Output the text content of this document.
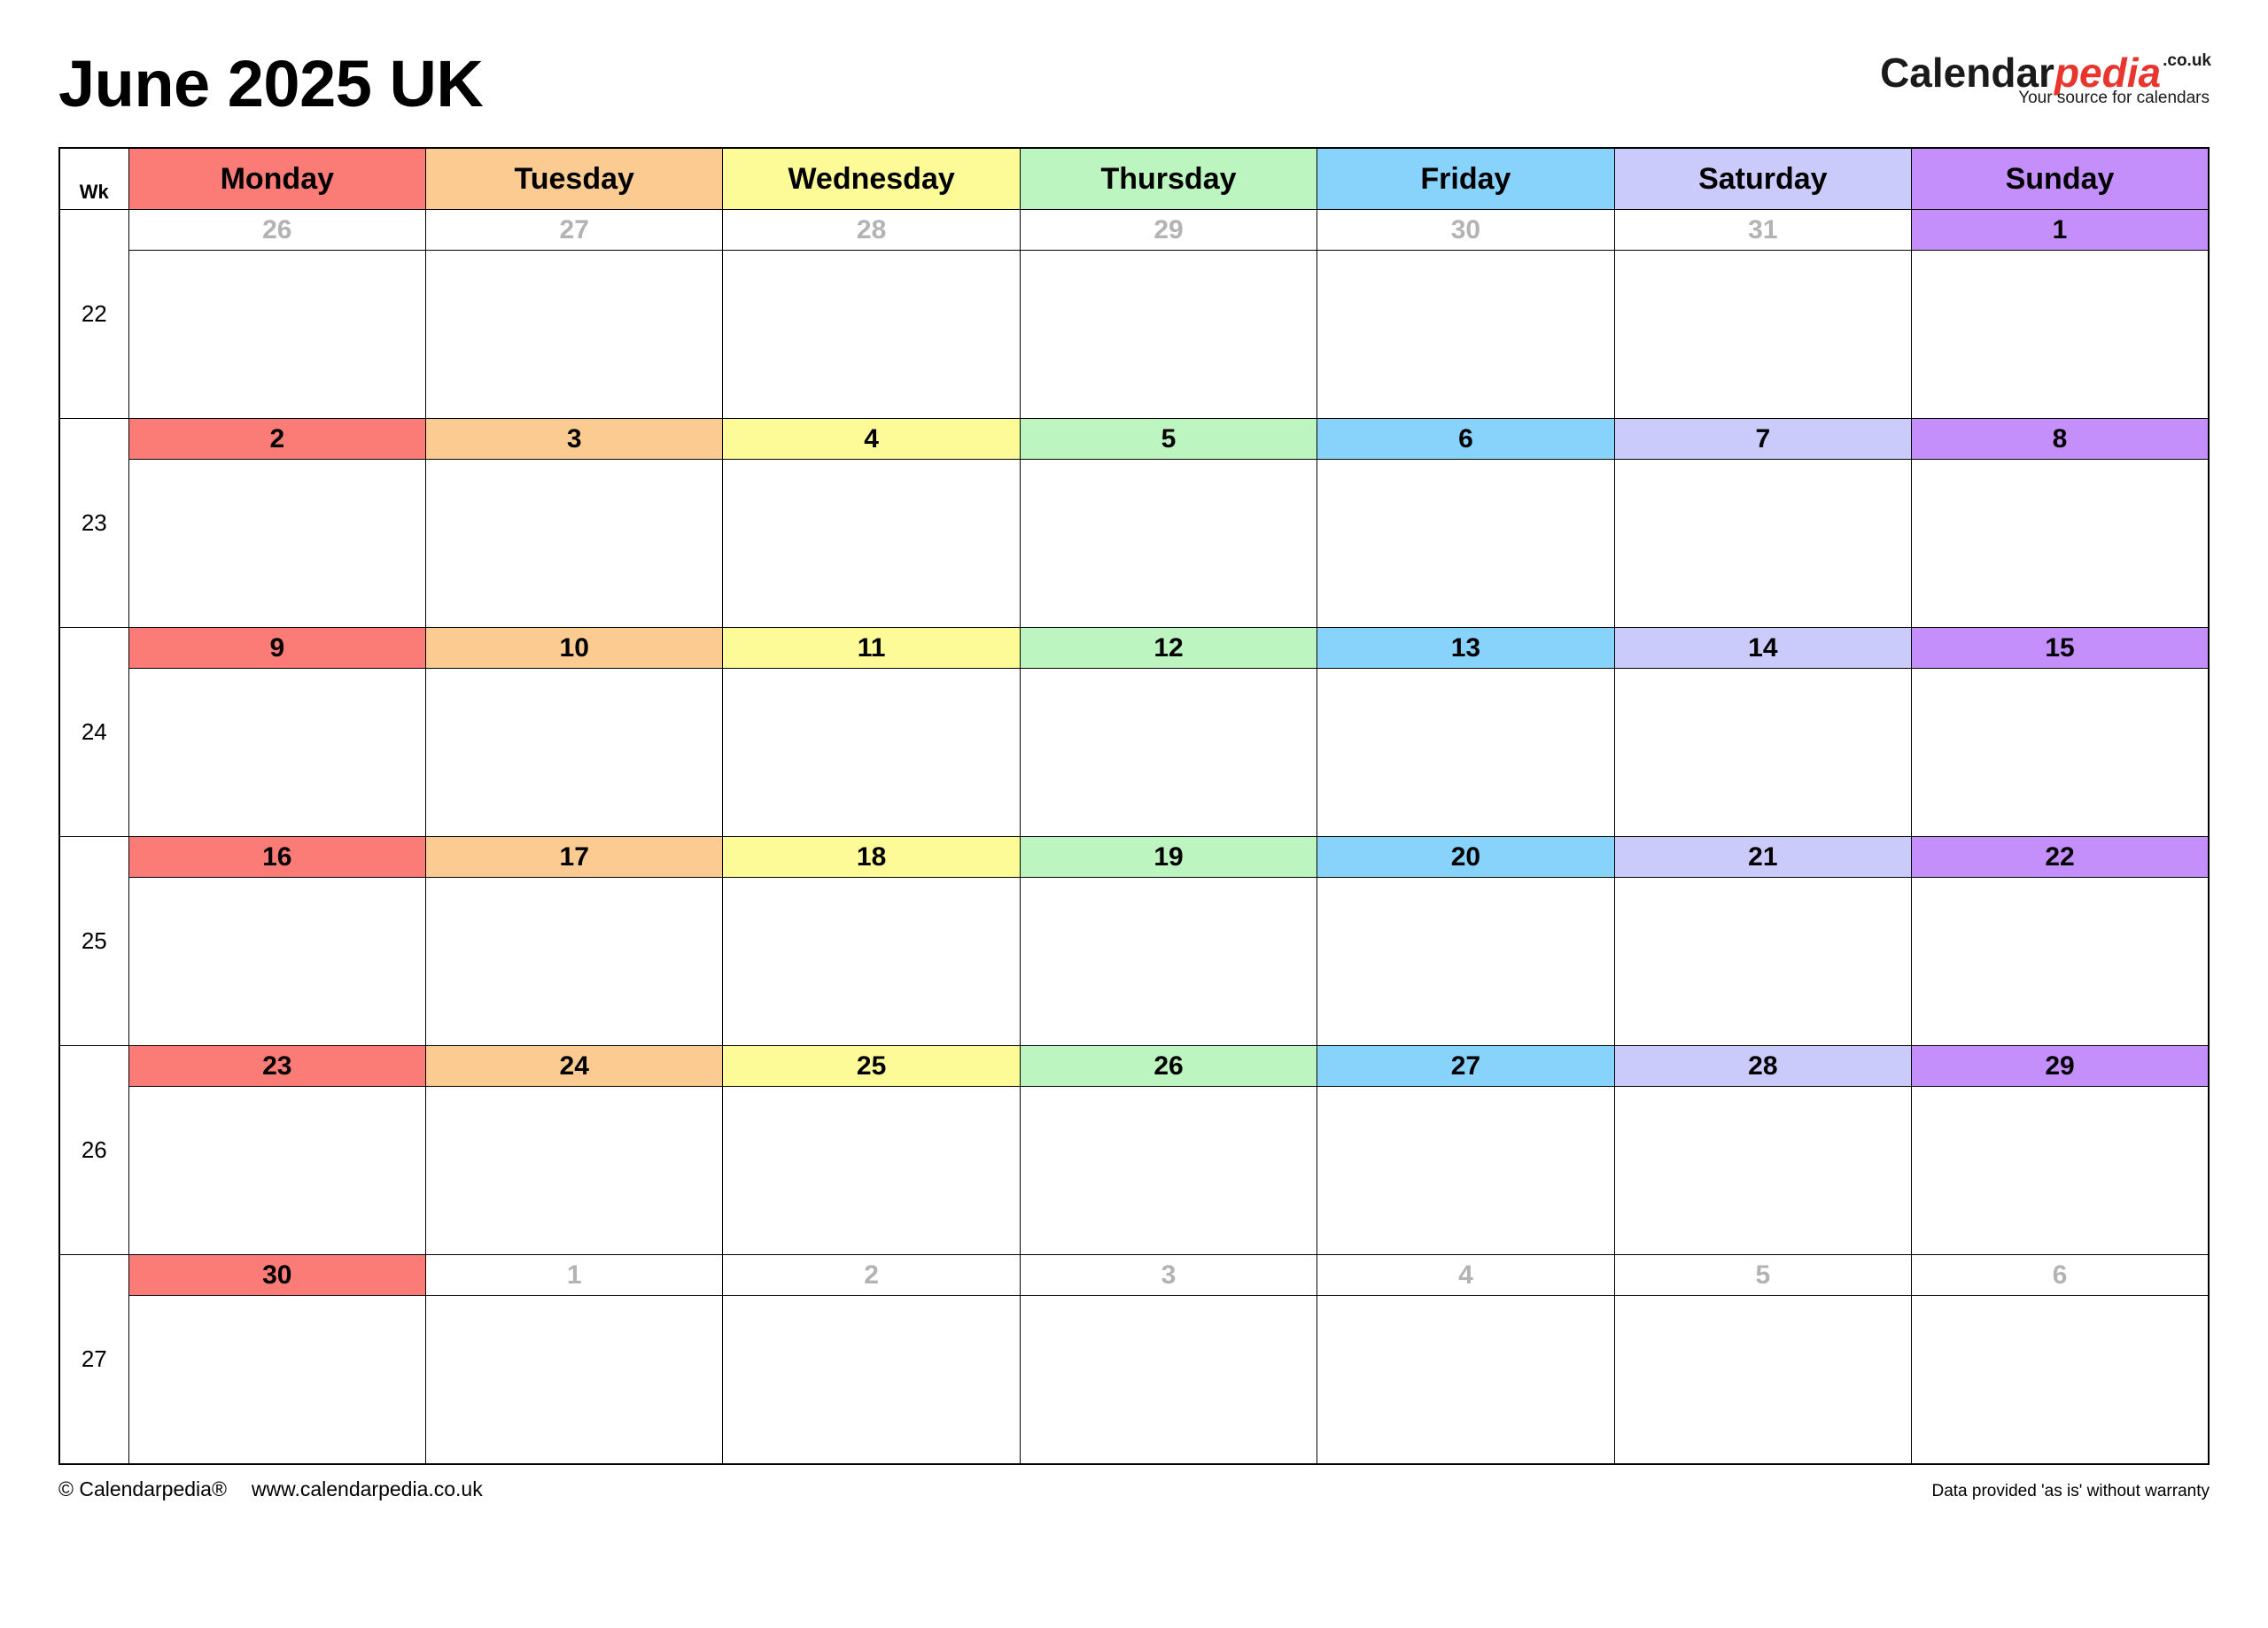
June 2025 UK	Calendarpedia $^{.co.uk}$
Your source for calendars
Wk	Monday	Tuesday	Wednesday	Thursday	Friday	Saturday	Sunday
22	26	27	28	29	30	31	1

23	2	3	4	5	6	7	8

24	9	10	11	12	13	14	15

25	16	17	18	19	20	21	22

26	23	24	25	26	27	28	29

27	30	1	2	3	4	5	6
© Calendarpedia® www.calendarpedia.co.uk	Data provided 'as is' without warranty
